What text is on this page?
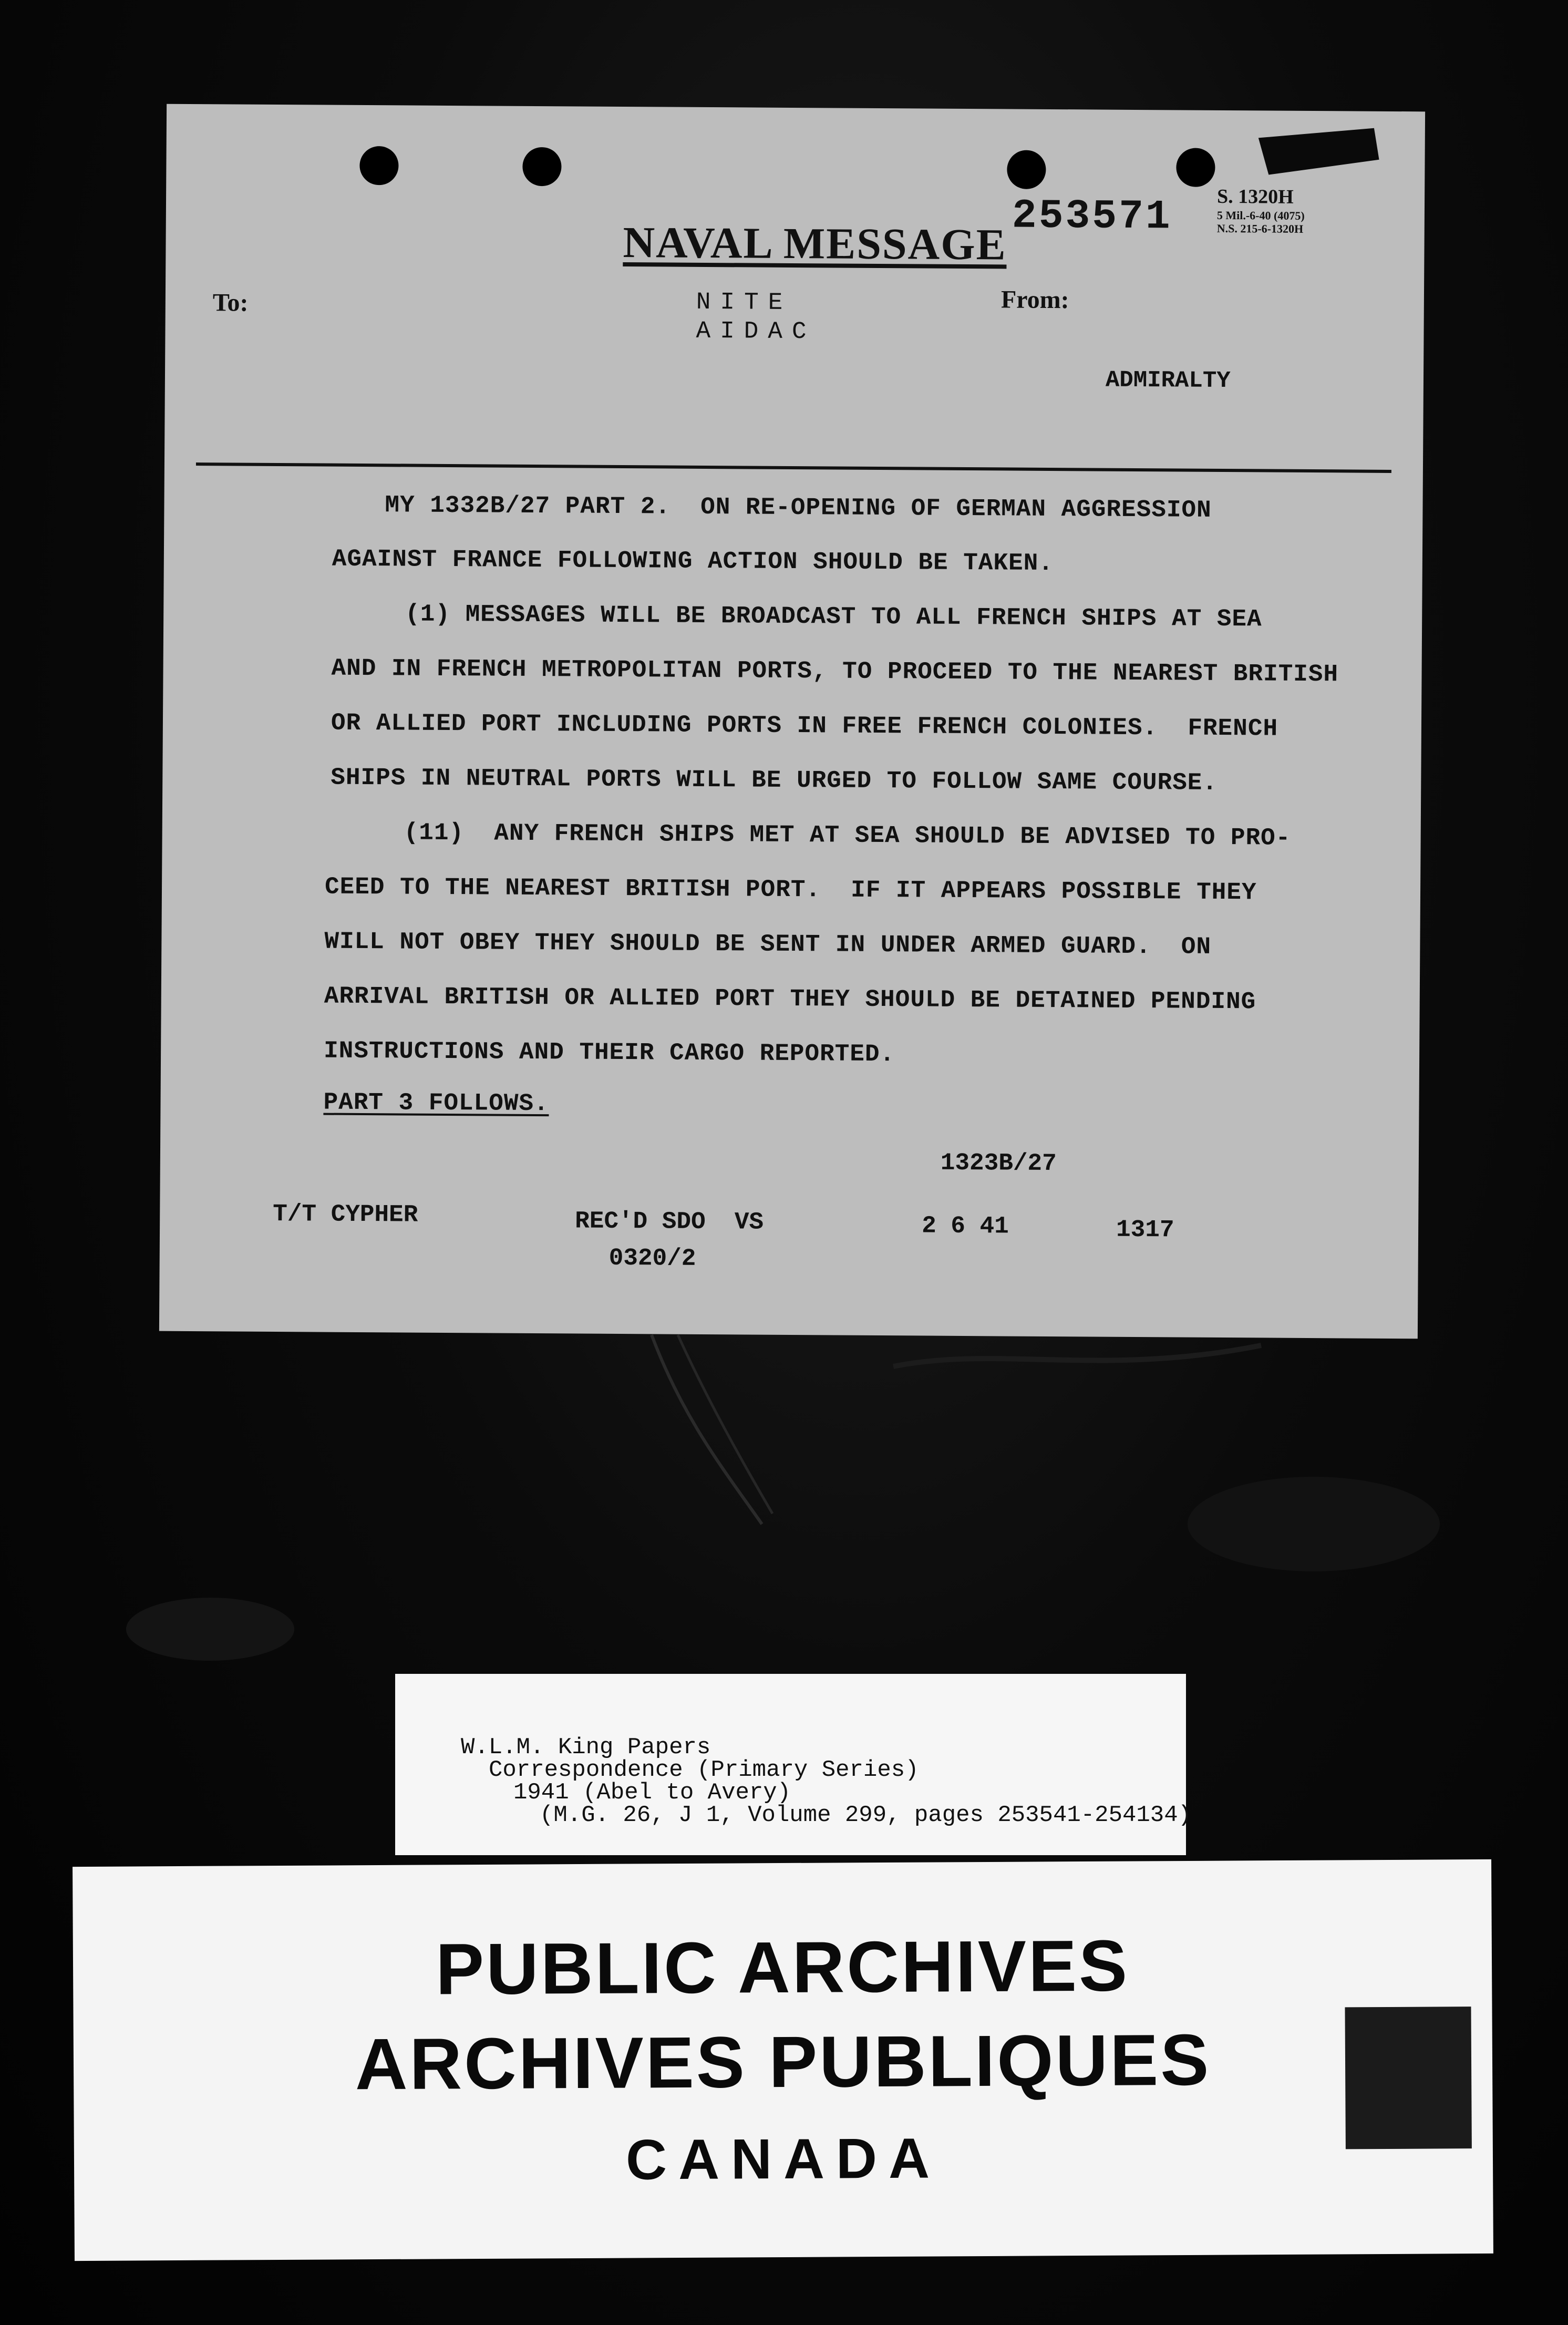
253571 S. 1320H
5 Mil.-6-40 (4075)
N.S. 215-6-1320H
NAVAL MESSAGE
To:	From:
NITE
AIDAC
ADMIRALTY
MY 1332B/27 PART 2.  ON RE-OPENING OF GERMAN AGGRESSION
AGAINST FRANCE FOLLOWING ACTION SHOULD BE TAKEN.
(1) MESSAGES WILL BE BROADCAST TO ALL FRENCH SHIPS AT SEA
AND IN FRENCH METROPOLITAN PORTS, TO PROCEED TO THE NEAREST BRITISH
OR ALLIED PORT INCLUDING PORTS IN FREE FRENCH COLONIES.  FRENCH
SHIPS IN NEUTRAL PORTS WILL BE URGED TO FOLLOW SAME COURSE.
(11)  ANY FRENCH SHIPS MET AT SEA SHOULD BE ADVISED TO PRO-
CEED TO THE NEAREST BRITISH PORT.  IF IT APPEARS POSSIBLE THEY
WILL NOT OBEY THEY SHOULD BE SENT IN UNDER ARMED GUARD.  ON
ARRIVAL BRITISH OR ALLIED PORT THEY SHOULD BE DETAINED PENDING
INSTRUCTIONS AND THEIR CARGO REPORTED.
PART 3 FOLLOWS.
1323B/27
T/T CYPHER	REC'D SDO  VS
0320/2
2 6 41	1317
W.L.M. King Papers
Correspondence (Primary Series)
1941 (Abel to Avery)
(M.G. 26, J 1, Volume 299, pages 253541-254134)
PUBLIC ARCHIVES
ARCHIVES PUBLIQUES
CANADA
